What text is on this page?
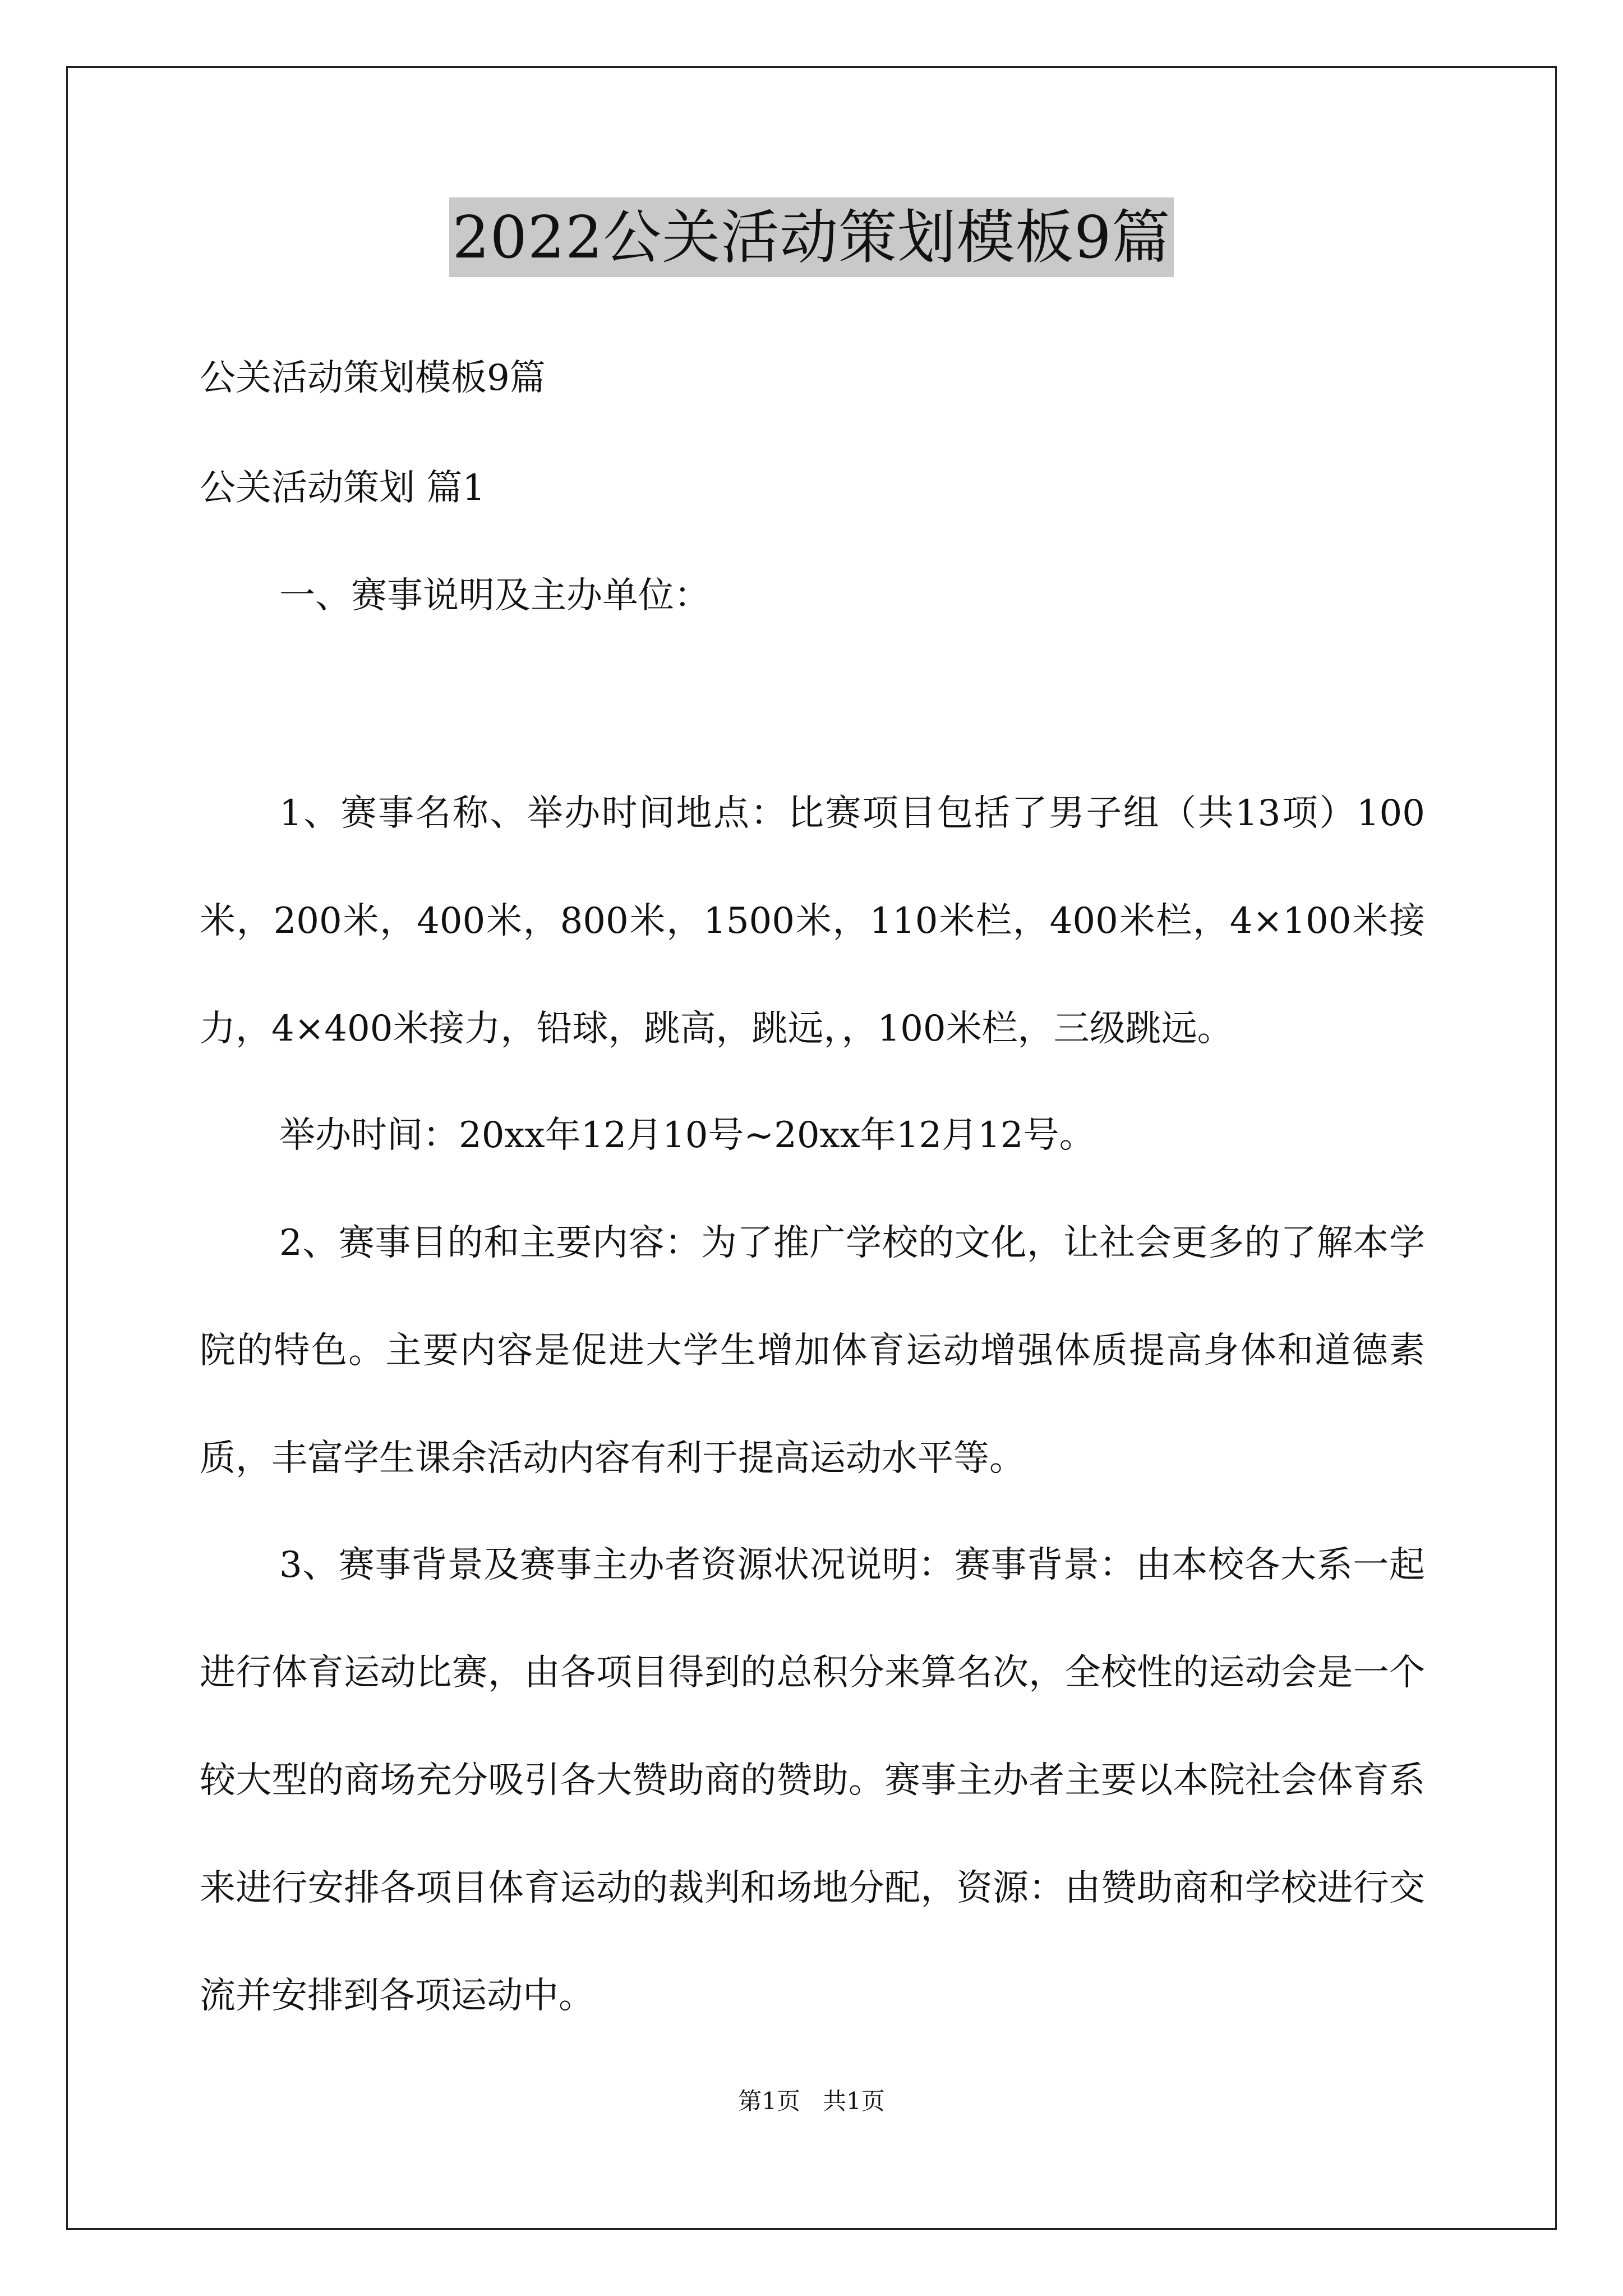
2022公关活动策划模板9篇
公关活动策划模板9篇
公关活动策划 篇1
一、赛事说明及主办单位：
1、赛事名称、举办时间地点：比赛项目包括了男子组（共13项）100米，200米，400米，800米，1500米，110米栏，400米栏，4×100米接力，4×400米接力，铅球，跳高，跳远，，100米栏，三级跳远。
举办时间：20xx年12月10号~20xx年12月12号。
2、赛事目的和主要内容：为了推广学校的文化，让社会更多的了解本学院的特色。主要内容是促进大学生增加体育运动增强体质提高身体和道德素质，丰富学生课余活动内容有利于提高运动水平等。
3、赛事背景及赛事主办者资源状况说明：赛事背景：由本校各大系一起进行体育运动比赛，由各项目得到的总积分来算名次，全校性的运动会是一个较大型的商场充分吸引各大赞助商的赞助。赛事主办者主要以本院社会体育系来进行安排各项目体育运动的裁判和场地分配，资源：由赞助商和学校进行交流并安排到各项运动中。
第1页   共1页
